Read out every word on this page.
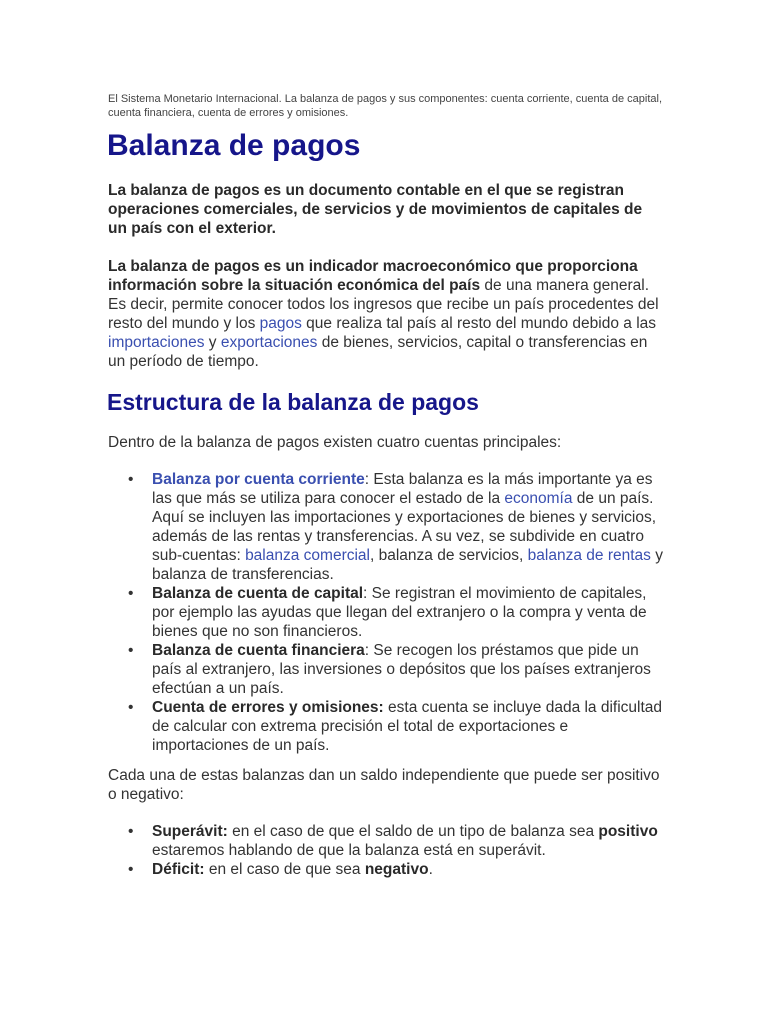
El Sistema Monetario Internacional. La balanza de pagos y sus componentes: cuenta corriente, cuenta de capital, cuenta financiera, cuenta de errores y omisiones.
Balanza de pagos

La balanza de pagos es un documento contable en el que se registran operaciones comerciales, de servicios y de movimientos de capitales de un país con el exterior.

La balanza de pagos es un indicador macroeconómico que proporciona información sobre la situación económica del país de una manera general. Es decir, permite conocer todos los ingresos que recibe un país procedentes del resto del mundo y los pagos que realiza tal país al resto del mundo debido a las importaciones y exportaciones de bienes, servicios, capital o transferencias en un período de tiempo.

Estructura de la balanza de pagos

Dentro de la balanza de pagos existen cuatro cuentas principales:

• Balanza por cuenta corriente: Esta balanza es la más importante ya es las que más se utiliza para conocer el estado de la economía de un país. Aquí se incluyen las importaciones y exportaciones de bienes y servicios, además de las rentas y transferencias. A su vez, se subdivide en cuatro sub-cuentas: balanza comercial, balanza de servicios, balanza de rentas y balanza de transferencias.
• Balanza de cuenta de capital: Se registran el movimiento de capitales, por ejemplo las ayudas que llegan del extranjero o la compra y venta de bienes que no son financieros.
• Balanza de cuenta financiera: Se recogen los préstamos que pide un país al extranjero, las inversiones o depósitos que los países extranjeros efectúan a un país.
• Cuenta de errores y omisiones: esta cuenta se incluye dada la dificultad de calcular con extrema precisión el total de exportaciones e importaciones de un país.

Cada una de estas balanzas dan un saldo independiente que puede ser positivo o negativo:

• Superávit: en el caso de que el saldo de un tipo de balanza sea positivo estaremos hablando de que la balanza está en superávit.
• Déficit: en el caso de que sea negativo.
